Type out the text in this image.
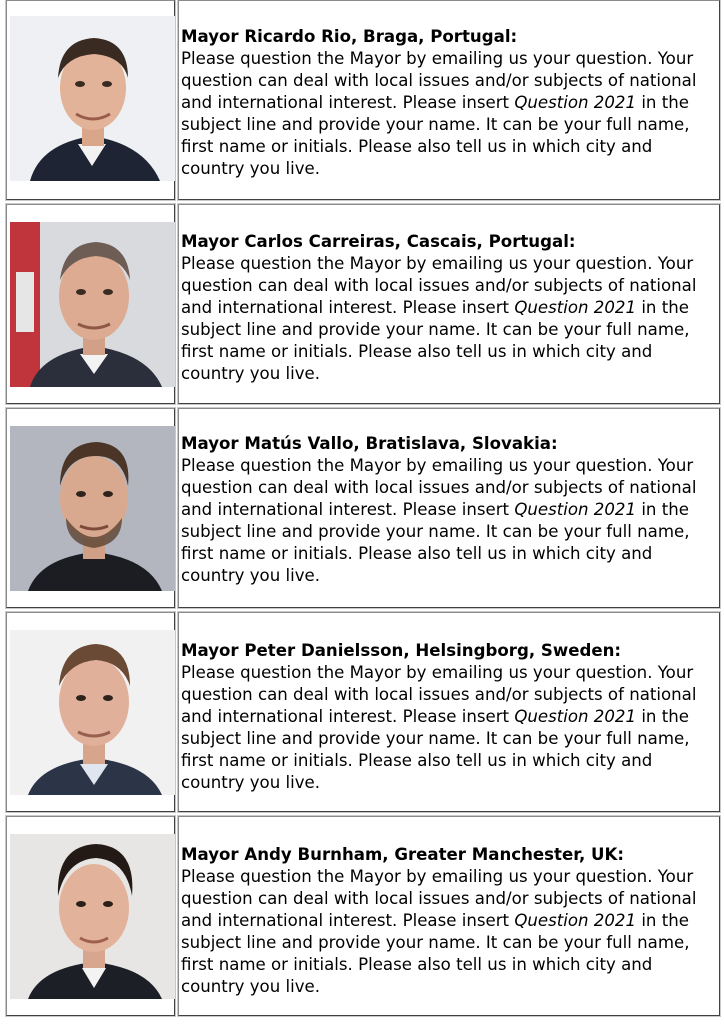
Mayor Ricardo Rio, Braga, Portugal:
Please question the Mayor by emailing us your question. Your question can deal with local issues and/or subjects of national and international interest. Please insert Question 2021 in the subject line and provide your name. It can be your full name, first name or initials. Please also tell us in which city and country you live.
Mayor Carlos Carreiras, Cascais, Portugal:
Please question the Mayor by emailing us your question. Your question can deal with local issues and/or subjects of national and international interest. Please insert Question 2021 in the subject line and provide your name. It can be your full name, first name or initials. Please also tell us in which city and country you live.
Mayor Matús Vallo, Bratislava, Slovakia:
Please question the Mayor by emailing us your question. Your question can deal with local issues and/or subjects of national and international interest. Please insert Question 2021 in the subject line and provide your name. It can be your full name, first name or initials. Please also tell us in which city and country you live.
Mayor Peter Danielsson, Helsingborg, Sweden:
Please question the Mayor by emailing us your question. Your question can deal with local issues and/or subjects of national and international interest. Please insert Question 2021 in the subject line and provide your name. It can be your full name, first name or initials. Please also tell us in which city and country you live.
Mayor Andy Burnham, Greater Manchester, UK:
Please question the Mayor by emailing us your question. Your question can deal with local issues and/or subjects of national and international interest. Please insert Question 2021 in the subject line and provide your name. It can be your full name, first name or initials. Please also tell us in which city and country you live.
